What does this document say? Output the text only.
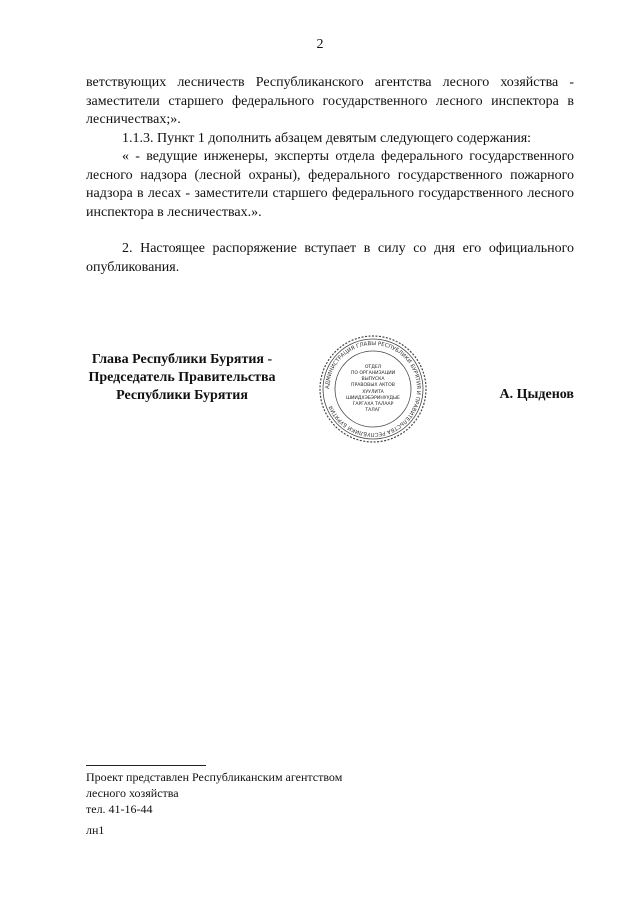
2

ветствующих лесничеств Республиканского агентства лесного хозяйства - заместители старшего федерального государственного лесного инспектора в лесничествах;».

1.1.3. Пункт 1 дополнить абзацем девятым следующего содержания:

« - ведущие инженеры, эксперты отдела федерального государственного лесного надзора (лесной охраны), федерального государственного пожарного надзора в лесах - заместители старшего федерального государственного лесного инспектора в лесничествах.».

2. Настоящее распоряжение вступает в силу со дня его официального опубликования.

Глава Республики Бурятия -
Председатель Правительства
Республики Бурятия
АДМИНИСТРАЦИЯ ГЛАВЫ РЕСПУБЛИКИ БУРЯТИЯ И ПРАВИТЕЛЬСТВА РЕСПУБЛИКИ БУРЯТИЯ
ОТДЕЛ
ПО ОРГАНИЗАЦИИ
ВЫПУСКА
ПРАВОВЫХ АКТОВ
ХУУЛИТА
ШИИДХЭБЭРИНУУДЫЕ
ГАРГАХА ТАЛААР
ТАЛАГ
А. Цыденов
Проект представлен Республиканским агентством
лесного хозяйства
тел. 41-16-44
лн1
